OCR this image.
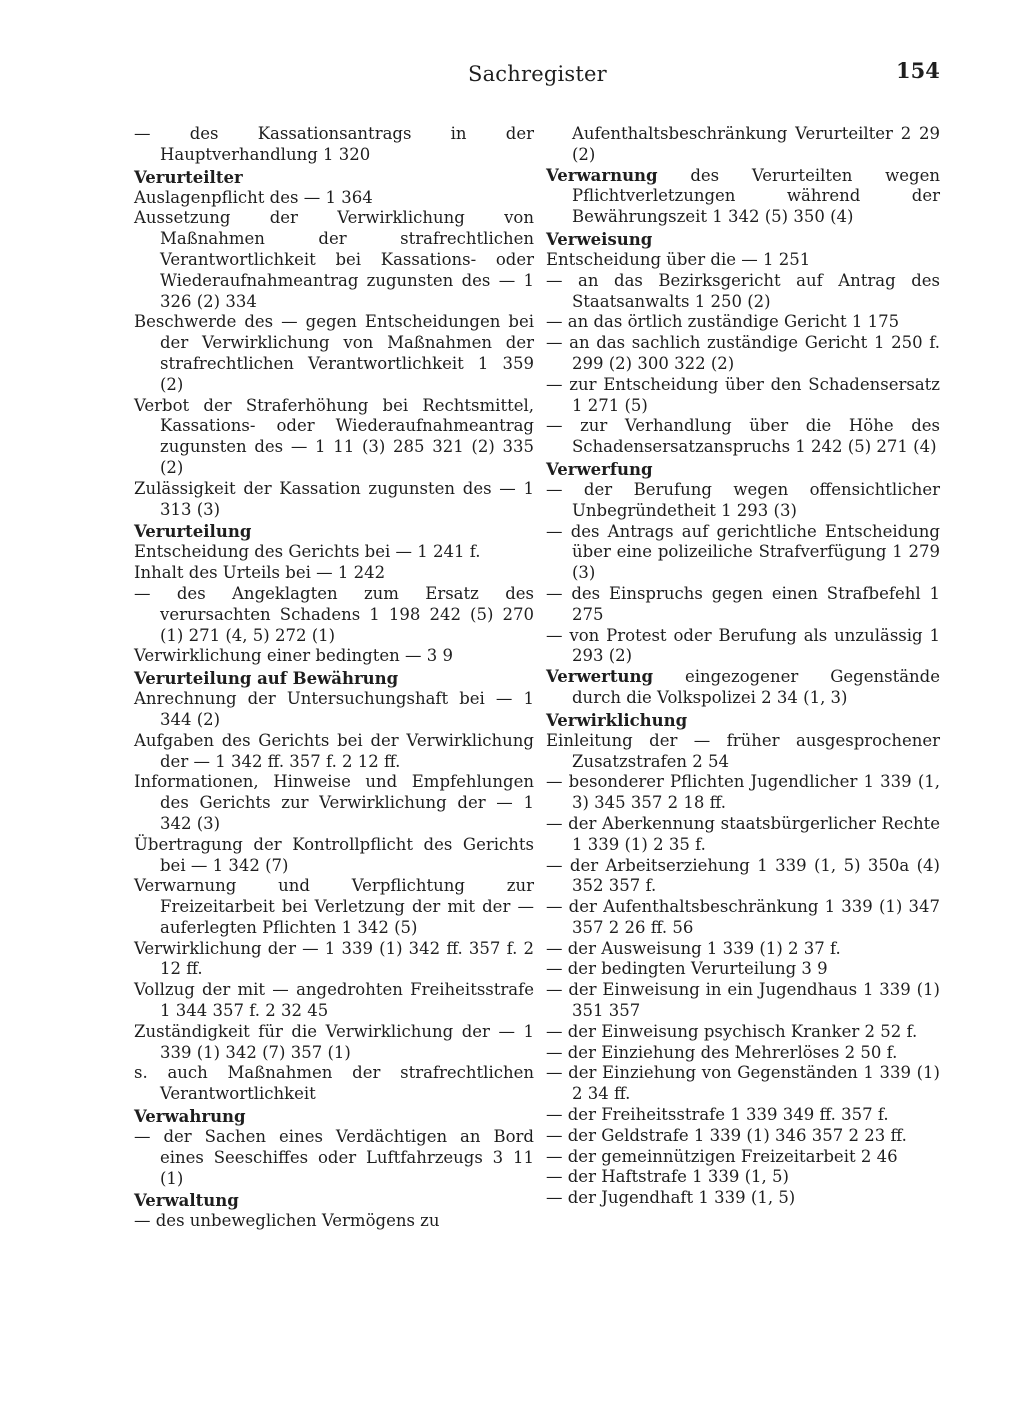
Sachregister	154
— des Kassationsantrags in der Hauptverhandlung 1 320
Verurteilter
Auslagenpflicht des — 1 364
Aussetzung der Verwirklichung von Maßnahmen der strafrechtlichen Verantwortlichkeit bei Kassations- oder Wiederaufnahmeantrag zugunsten des — 1 326 (2) 334
Beschwerde des — gegen Entscheidungen bei der Verwirklichung von Maßnahmen der strafrechtlichen Verantwortlichkeit 1 359 (2)
Verbot der Straferhöhung bei Rechtsmittel, Kassations- oder Wiederaufnahmeantrag zugunsten des — 1 11 (3) 285 321 (2) 335 (2)
Zulässigkeit der Kassation zugunsten des — 1 313 (3)
Verurteilung
Entscheidung des Gerichts bei — 1 241 f.
Inhalt des Urteils bei — 1 242
— des Angeklagten zum Ersatz des verursachten Schadens 1 198 242 (5) 270 (1) 271 (4, 5) 272 (1)
Verwirklichung einer bedingten — 3 9
Verurteilung auf Bewährung
Anrechnung der Untersuchungshaft bei — 1 344 (2)
Aufgaben des Gerichts bei der Verwirklichung der — 1 342 ff. 357 f. 2 12 ff.
Informationen, Hinweise und Empfehlungen des Gerichts zur Verwirklichung der — 1 342 (3)
Übertragung der Kontrollpflicht des Gerichts bei — 1 342 (7)
Verwarnung und Verpflichtung zur Freizeitarbeit bei Verletzung der mit der — auferlegten Pflichten 1 342 (5)
Verwirklichung der — 1 339 (1) 342 ff. 357 f. 2 12 ff.
Vollzug der mit — angedrohten Freiheitsstrafe 1 344 357 f. 2 32 45
Zuständigkeit für die Verwirklichung der — 1 339 (1) 342 (7) 357 (1)
s. auch Maßnahmen der strafrechtlichen Verantwortlichkeit
Verwahrung
— der Sachen eines Verdächtigen an Bord eines Seeschiffes oder Luftfahrzeugs 3 11 (1)
Verwaltung
— des unbeweglichen Vermögens zu
Aufenthaltsbeschränkung Verurteilter 2 29 (2)
Verwarnung des Verurteilten wegen Pflichtverletzungen während der Bewährungszeit 1 342 (5) 350 (4)
Verweisung
Entscheidung über die — 1 251
— an das Bezirksgericht auf Antrag des Staatsanwalts 1 250 (2)
— an das örtlich zuständige Gericht 1 175
— an das sachlich zuständige Gericht 1 250 f. 299 (2) 300 322 (2)
— zur Entscheidung über den Schadensersatz 1 271 (5)
— zur Verhandlung über die Höhe des Schadensersatzanspruchs 1 242 (5) 271 (4)
Verwerfung
— der Berufung wegen offensichtlicher Unbegründetheit 1 293 (3)
— des Antrags auf gerichtliche Entscheidung über eine polizeiliche Strafverfügung 1 279 (3)
— des Einspruchs gegen einen Strafbefehl 1 275
— von Protest oder Berufung als unzulässig 1 293 (2)
Verwertung eingezogener Gegenstände durch die Volkspolizei 2 34 (1, 3)
Verwirklichung
Einleitung der — früher ausgesprochener Zusatzstrafen 2 54
— besonderer Pflichten Jugendlicher 1 339 (1, 3) 345 357 2 18 ff.
— der Aberkennung staatsbürgerlicher Rechte 1 339 (1) 2 35 f.
— der Arbeitserziehung 1 339 (1, 5) 350a (4) 352 357 f.
— der Aufenthaltsbeschränkung 1 339 (1) 347 357 2 26 ff. 56
— der Ausweisung 1 339 (1) 2 37 f.
— der bedingten Verurteilung 3 9
— der Einweisung in ein Jugendhaus 1 339 (1) 351 357
— der Einweisung psychisch Kranker 2 52 f.
— der Einziehung des Mehrerlöses 2 50 f.
— der Einziehung von Gegenständen 1 339 (1) 2 34 ff.
— der Freiheitsstrafe 1 339 349 ff. 357 f.
— der Geldstrafe 1 339 (1) 346 357 2 23 ff.
— der gemeinnützigen Freizeitarbeit 2 46
— der Haftstrafe 1 339 (1, 5)
— der Jugendhaft 1 339 (1, 5)
